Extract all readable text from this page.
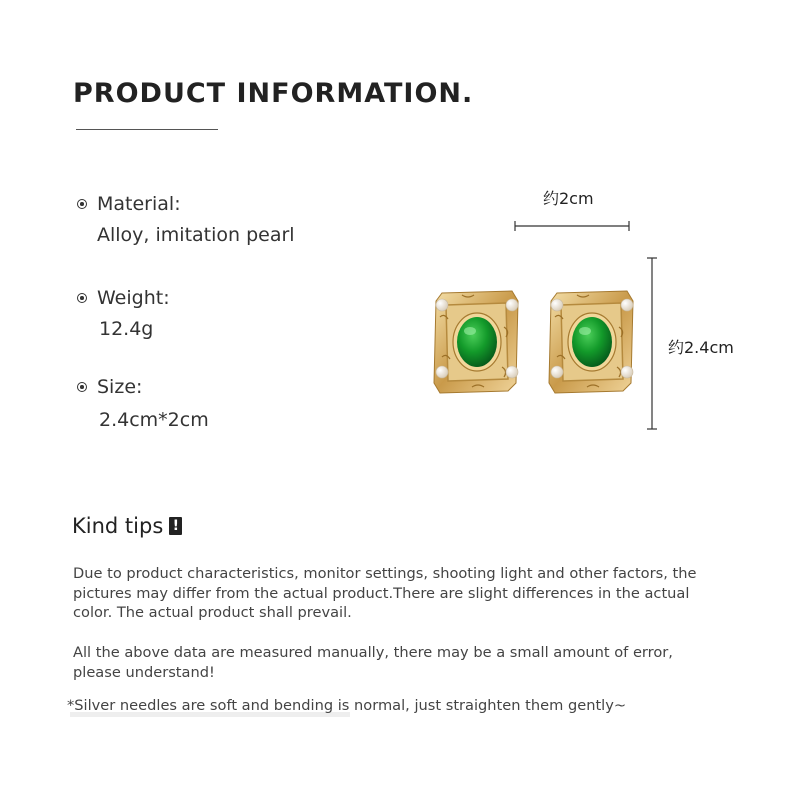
PRODUCT INFORMATION.
Material:
Alloy, imitation pearl
Weight:
12.4g
Size:
2.4cm*2cm
约2cm
约2.4cm
Kind tips !
Due to product characteristics, monitor settings, shooting light and other factors, the pictures may differ from the actual product.There are slight differences in the actual color. The actual product shall prevail.
All the above data are measured manually, there may be a small amount of error, please understand!
*Silver needles are soft and bending is normal, just straighten them gently~
